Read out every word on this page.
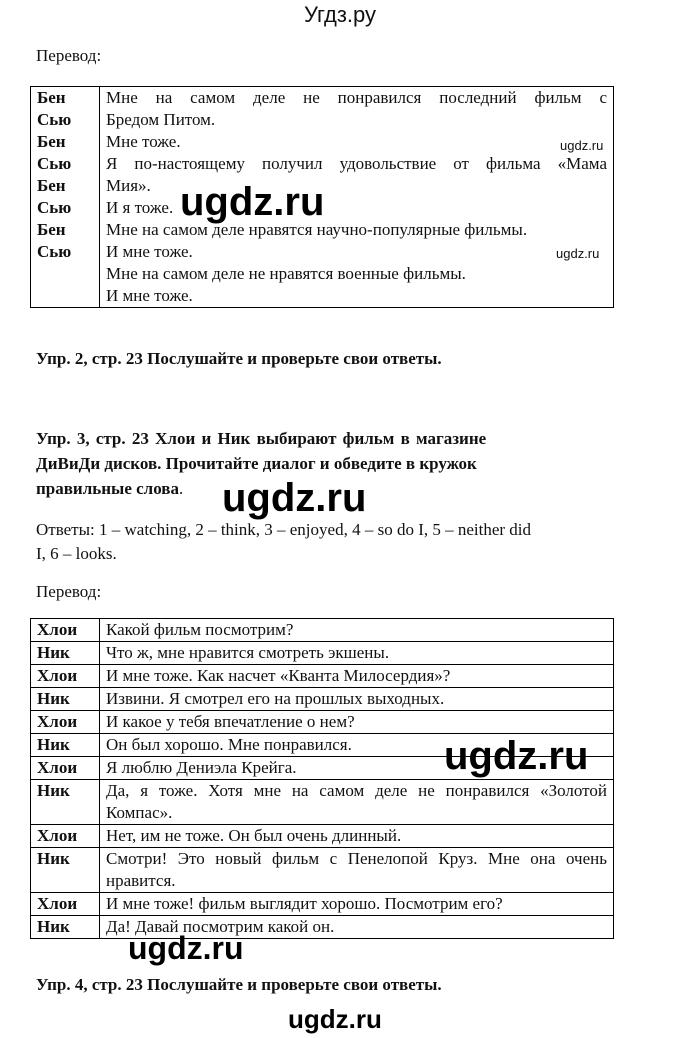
Угдз.ру
Перевод:
Бен	Мне на самом деле не понравился последний фильм с
Сью	Бредом Питом.
Бен	Мне тоже.
Сью	Я по-настоящему получил удовольствие от фильма «Мама
Бен	Мия».
Сью	И я тоже.
Бен	Мне на самом деле нравятся научно-популярные фильмы.
Сью	И мне тоже.
	Мне на самом деле не нравятся военные фильмы.
	И мне тоже.
ugdz.ru
ugdz.ru
ugdz.ru
Упр. 2, стр. 23 Послушайте и проверьте свои ответы.
Упр. 3, стр. 23 Хлои и Ник выбирают фильм в магазине
ДиВиДи дисков. Прочитайте диалог и обведите в кружок
правильные слова. ugdz.ru
Ответы: 1 – watching, 2 – think, 3 – enjoyed, 4 – so do I, 5 – neither did
I, 6 – looks.
Перевод:
Хлои	Какой фильм посмотрим?
Ник	Что ж, мне нравится смотреть экшены.
Хлои	И мне тоже. Как насчет «Кванта Милосердия»?
Ник	Извини. Я смотрел его на прошлых выходных.
Хлои	И какое у тебя впечатление о нем?
Ник	Он был хорошо. Мне понравился.
Хлои	Я люблю Дениэла Крейга.
Ник	Да, я тоже. Хотя мне на самом деле не понравился «Золотой Компас».
Хлои	Нет, им не тоже. Он был очень длинный.
Ник	Смотри! Это новый фильм с Пенелопой Круз. Мне она очень нравится.
Хлои	И мне тоже! фильм выглядит хорошо. Посмотрим его?
Ник	Да! Давай посмотрим какой он.
ugdz.ru
ugdz.ru
Упр. 4, стр. 23 Послушайте и проверьте свои ответы.
ugdz.ru
